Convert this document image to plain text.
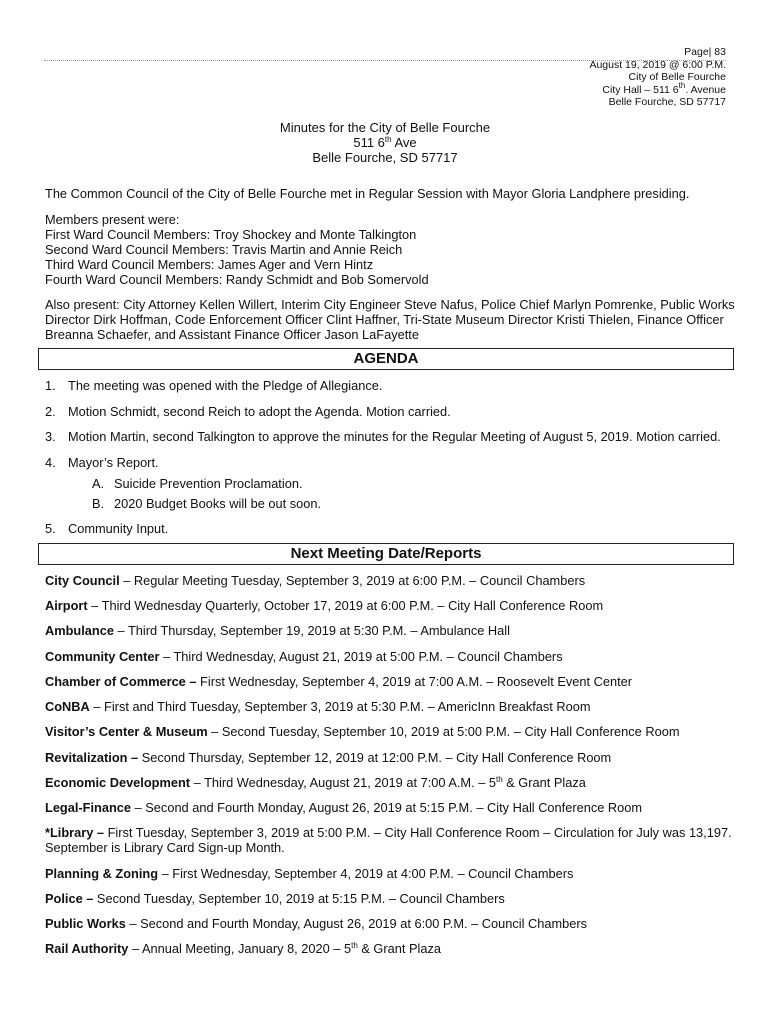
Page| 83
August 19, 2019 @ 6:00 P.M.
City of Belle Fourche
City Hall – 511 6th. Avenue
Belle Fourche, SD 57717
Minutes for the City of Belle Fourche
511 6th Ave
Belle Fourche, SD 57717
The Common Council of the City of Belle Fourche met in Regular Session with Mayor Gloria Landphere presiding.
Members present were:
First Ward Council Members: Troy Shockey and Monte Talkington
Second Ward Council Members: Travis Martin and Annie Reich
Third Ward Council Members: James Ager and Vern Hintz
Fourth Ward Council Members: Randy Schmidt and Bob Somervold
Also present: City Attorney Kellen Willert, Interim City Engineer Steve Nafus, Police Chief Marlyn Pomrenke, Public Works
Director Dirk Hoffman, Code Enforcement Officer Clint Haffner, Tri-State Museum Director Kristi Thielen, Finance Officer
Breanna Schaefer, and Assistant Finance Officer Jason LaFayette
AGENDA
1. The meeting was opened with the Pledge of Allegiance.
2. Motion Schmidt, second Reich to adopt the Agenda. Motion carried.
3. Motion Martin, second Talkington to approve the minutes for the Regular Meeting of August 5, 2019. Motion carried.
4. Mayor’s Report.
A. Suicide Prevention Proclamation.
B. 2020 Budget Books will be out soon.
5. Community Input.
Next Meeting Date/Reports
City Council – Regular Meeting Tuesday, September 3, 2019 at 6:00 P.M. – Council Chambers
Airport – Third Wednesday Quarterly, October 17, 2019 at 6:00 P.M. – City Hall Conference Room
Ambulance – Third Thursday, September 19, 2019 at 5:30 P.M. – Ambulance Hall
Community Center – Third Wednesday, August 21, 2019 at 5:00 P.M. – Council Chambers
Chamber of Commerce – First Wednesday, September 4, 2019 at 7:00 A.M. – Roosevelt Event Center
CoNBA – First and Third Tuesday, September 3, 2019 at 5:30 P.M. – AmericInn Breakfast Room
Visitor’s Center & Museum – Second Tuesday, September 10, 2019 at 5:00 P.M. – City Hall Conference Room
Revitalization – Second Thursday, September 12, 2019 at 12:00 P.M. – City Hall Conference Room
Economic Development – Third Wednesday, August 21, 2019 at 7:00 A.M. – 5th & Grant Plaza
Legal-Finance – Second and Fourth Monday, August 26, 2019 at 5:15 P.M. – City Hall Conference Room
*Library – First Tuesday, September 3, 2019 at 5:00 P.M. – City Hall Conference Room – Circulation for July was 13,197.
September is Library Card Sign-up Month.
Planning & Zoning – First Wednesday, September 4, 2019 at 4:00 P.M. – Council Chambers
Police – Second Tuesday, September 10, 2019 at 5:15 P.M. – Council Chambers
Public Works – Second and Fourth Monday, August 26, 2019 at 6:00 P.M. – Council Chambers
Rail Authority – Annual Meeting, January 8, 2020 – 5th & Grant Plaza
